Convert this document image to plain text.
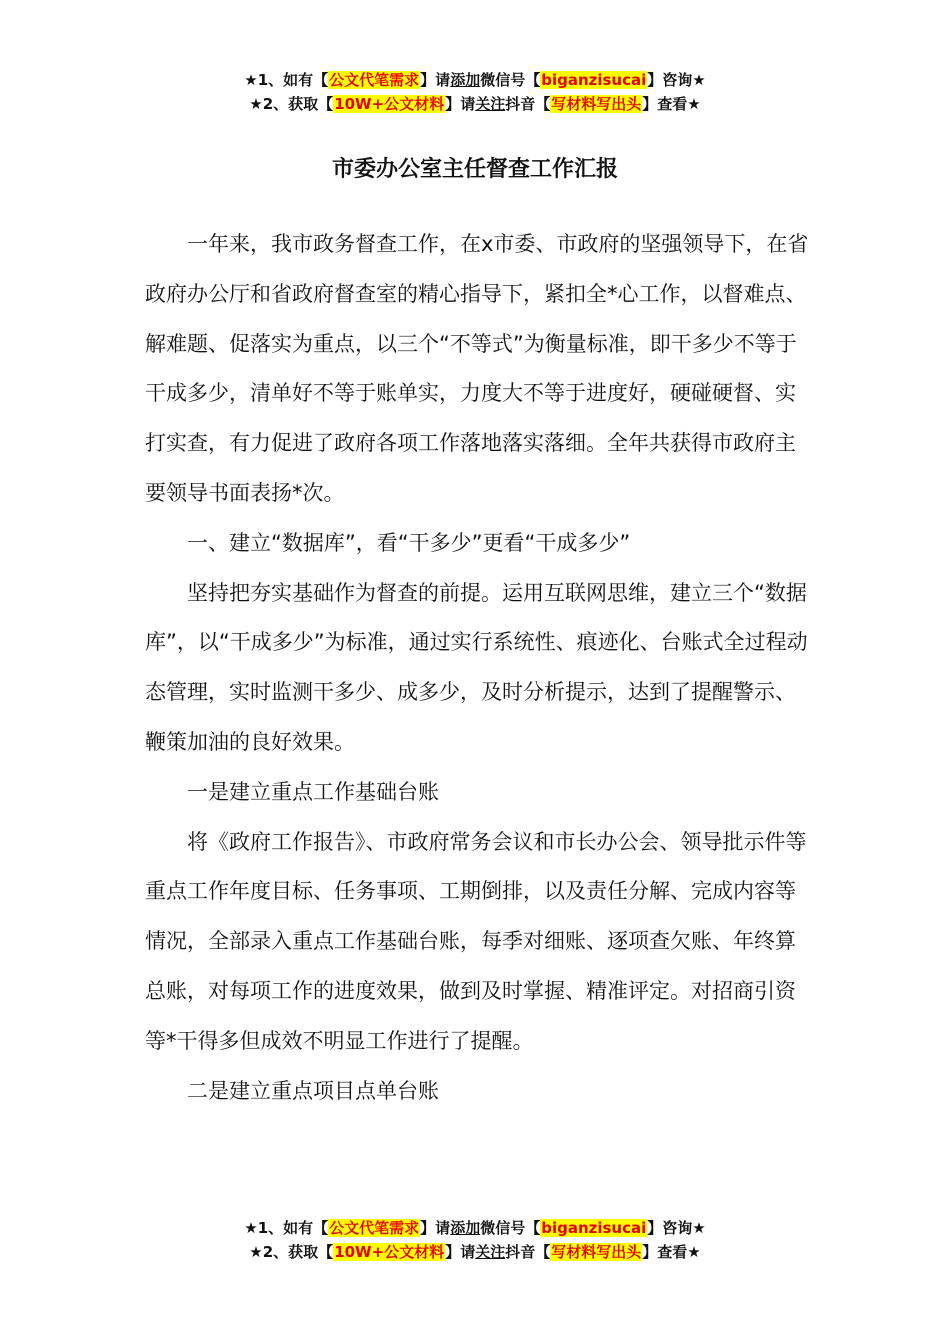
★1、如有【公文代笔需求】请添加微信号【biganzisucai】咨询★
★2、获取【10W+公文材料】请关注抖音【写材料写出头】查看★
市委办公室主任督查工作汇报

一年来，我市政务督查工作，在x市委、市政府的坚强领导下，在省政府办公厅和省政府督查室的精心指导下，紧扣全*心工作，以督难点、解难题、促落实为重点，以三个“不等式”为衡量标准，即干多少不等于干成多少，清单好不等于账单实，力度大不等于进度好，硬碰硬督、实打实查，有力促进了政府各项工作落地落实落细。全年共获得市政府主要领导书面表扬*次。

一、建立“数据库”，看“干多少”更看“干成多少”

坚持把夯实基础作为督查的前提。运用互联网思维，建立三个“数据库”，以“干成多少”为标准，通过实行系统性、痕迹化、台账式全过程动态管理，实时监测干多少、成多少，及时分析提示，达到了提醒警示、鞭策加油的良好效果。

一是建立重点工作基础台账

将《政府工作报告》、市政府常务会议和市长办公会、领导批示件等重点工作年度目标、任务事项、工期倒排，以及责任分解、完成内容等情况，全部录入重点工作基础台账，每季对细账、逐项查欠账、年终算总账，对每项工作的进度效果，做到及时掌握、精准评定。对招商引资等*干得多但成效不明显工作进行了提醒。

二是建立重点项目点单台账

★1、如有【公文代笔需求】请添加微信号【biganzisucai】咨询★
★2、获取【10W+公文材料】请关注抖音【写材料写出头】查看★
